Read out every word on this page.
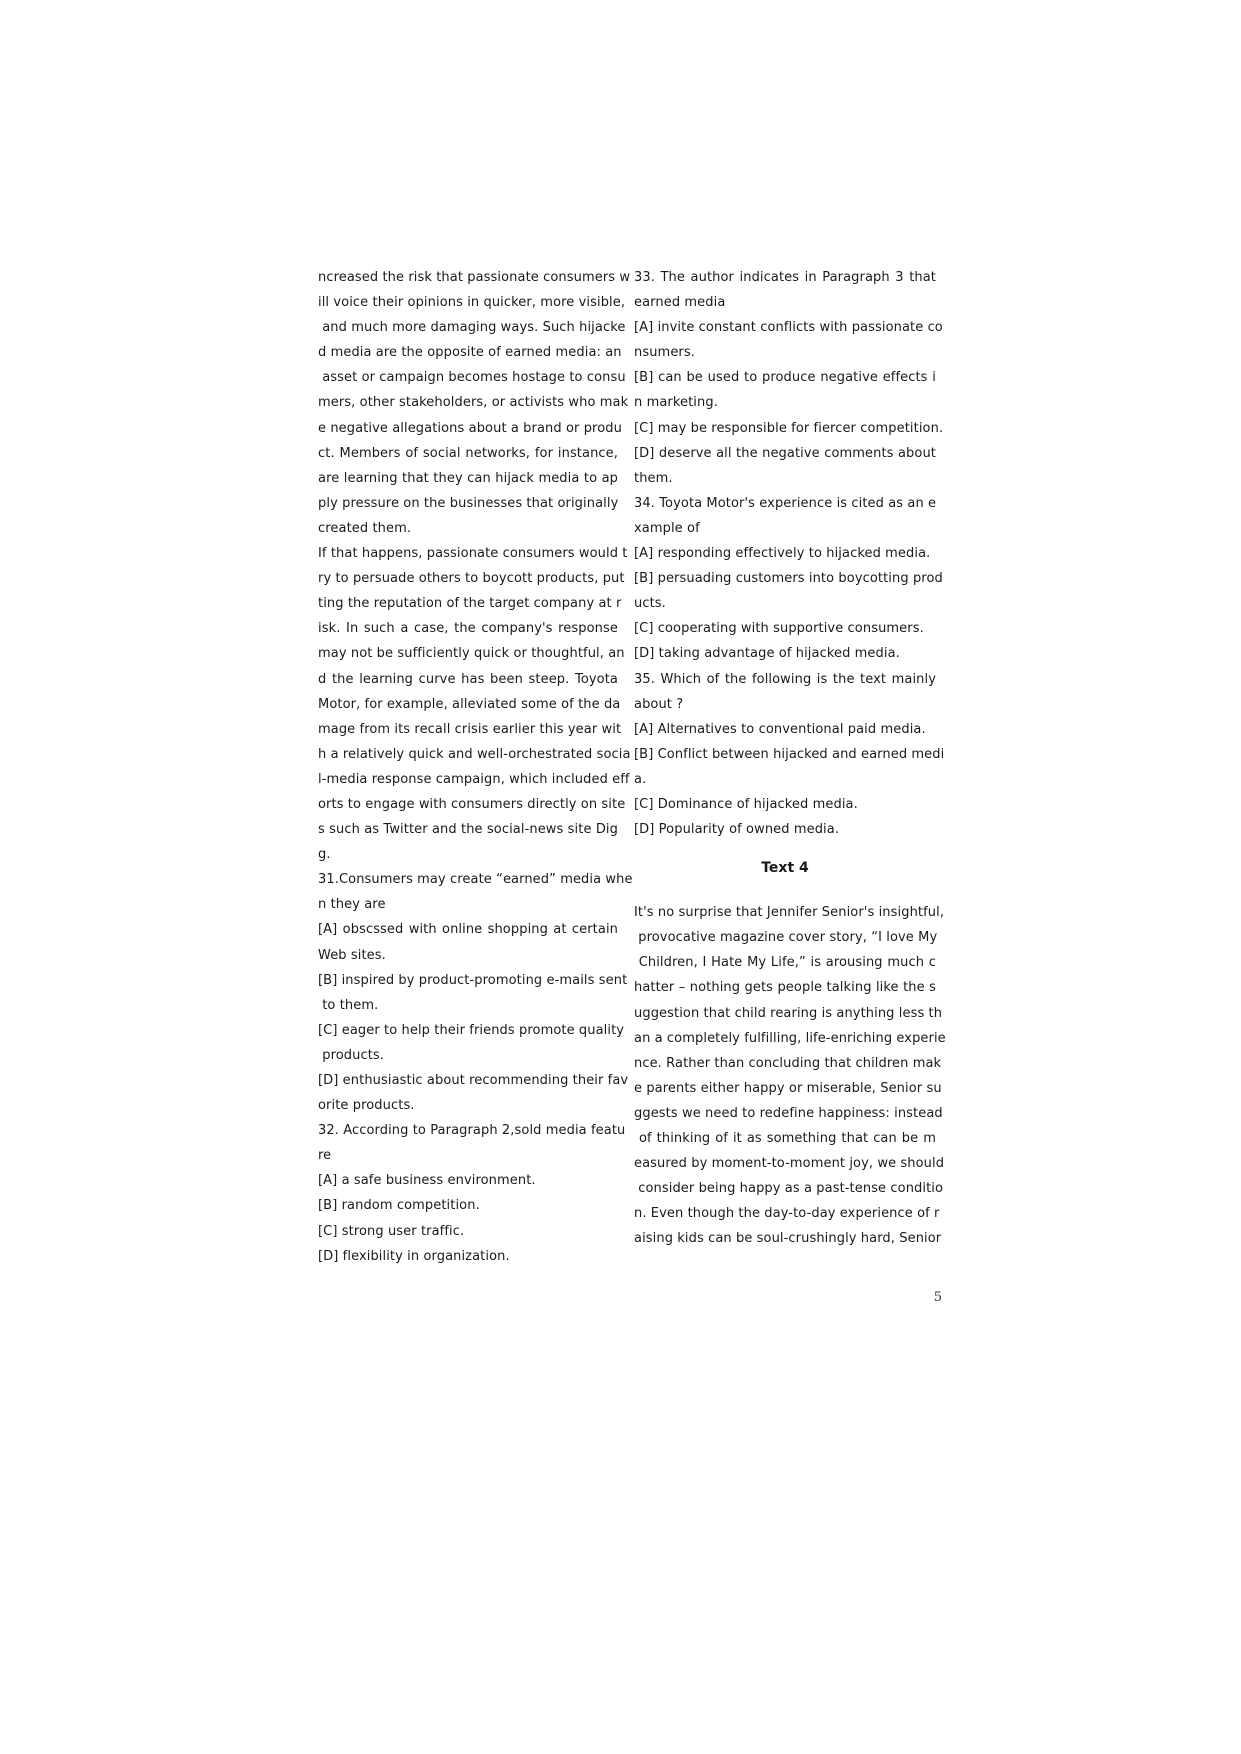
ncreased the risk that passionate consumers w
ill voice their opinions in quicker, more visible,
and much more damaging ways. Such hijacke
d media are the opposite of earned media: an
asset or campaign becomes hostage to consu
mers, other stakeholders, or activists who mak
e negative allegations about a brand or produ
ct. Members of social networks, for instance,
are learning that they can hijack media to ap
ply pressure on the businesses that originally
created them.
If that happens, passionate consumers would t
ry to persuade others to boycott products, put
ting the reputation of the target company at r
isk. In such a case, the company's response
may not be sufficiently quick or thoughtful, an
d the learning curve has been steep. Toyota
Motor, for example, alleviated some of the da
mage from its recall crisis earlier this year wit
h a relatively quick and well-orchestrated socia
l-media response campaign, which included eff
orts to engage with consumers directly on site
s such as Twitter and the social-news site Dig
g.
31.Consumers may create “earned” media whe
n they are
[A] obscssed with online shopping at certain
Web sites.
[B] inspired by product-promoting e-mails sent
to them.
[C] eager to help their friends promote quality
products.
[D] enthusiastic about recommending their fav
orite products.
32. According to Paragraph 2,sold media featu
re
[A] a safe business environment.
[B] random competition.
[C] strong user traffic.
[D] flexibility in organization.
33. The author indicates in Paragraph 3 that
earned media
[A] invite constant conflicts with passionate co
nsumers.
[B] can be used to produce negative effects i
n marketing.
[C] may be responsible for fiercer competition.
[D] deserve all the negative comments about
them.
34. Toyota Motor's experience is cited as an e
xample of
[A] responding effectively to hijacked media.
[B] persuading customers into boycotting prod
ucts.
[C] cooperating with supportive consumers.
[D] taking advantage of hijacked media.
35. Which of the following is the text mainly
about ?
[A] Alternatives to conventional paid media.
[B] Conflict between hijacked and earned medi
a.
[C] Dominance of hijacked media.
[D] Popularity of owned media.
Text 4
It's no surprise that Jennifer Senior's insightful,
provocative magazine cover story, “I love My
Children, I Hate My Life,” is arousing much c
hatter – nothing gets people talking like the s
uggestion that child rearing is anything less th
an a completely fulfilling, life-enriching experie
nce. Rather than concluding that children mak
e parents either happy or miserable, Senior su
ggests we need to redefine happiness: instead
of thinking of it as something that can be m
easured by moment-to-moment joy, we should
consider being happy as a past-tense conditio
n. Even though the day-to-day experience of r
aising kids can be soul-crushingly hard, Senior
5
